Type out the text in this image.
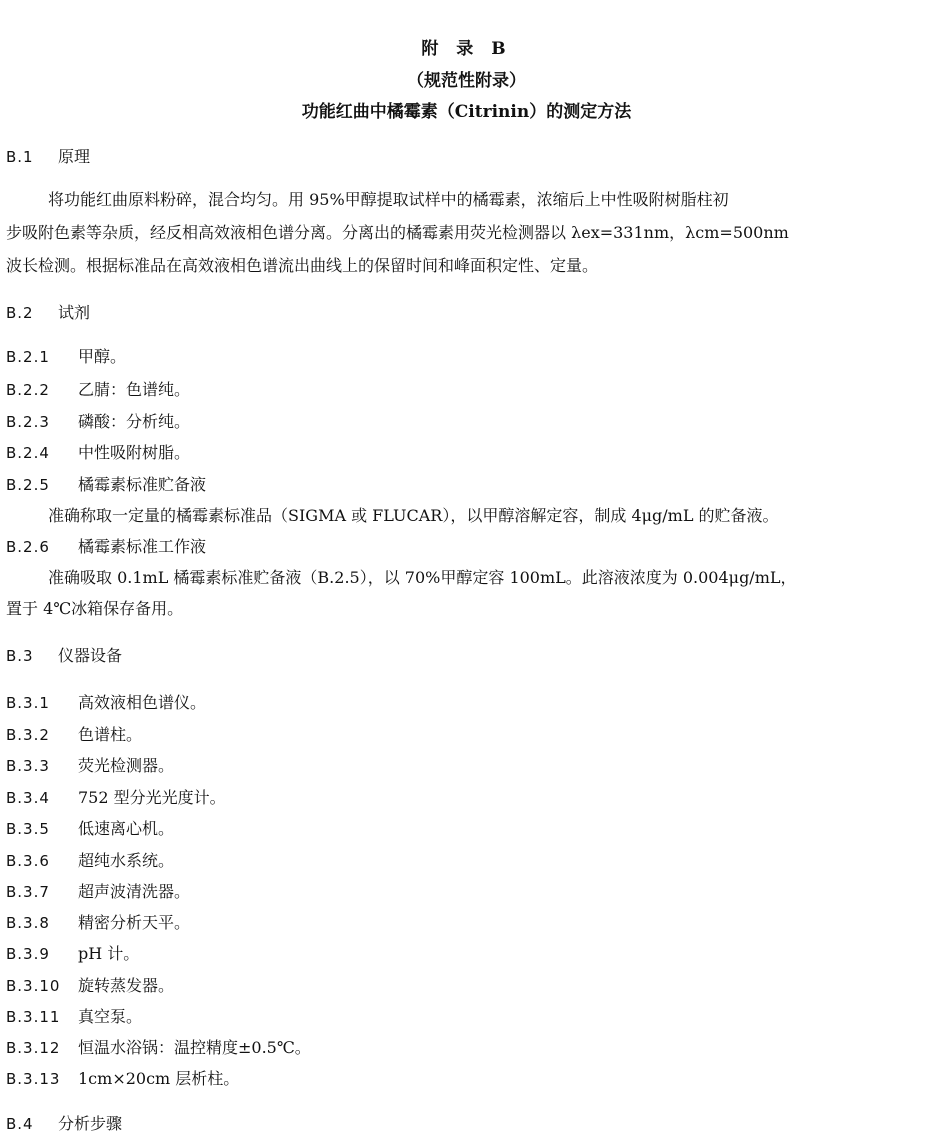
附 录 B
（规范性附录）
功能红曲中橘霉素（Citrinin）的测定方法
B.1 原理
将功能红曲原料粉碎，混合均匀。用 95%甲醇提取试样中的橘霉素，浓缩后上中性吸附树脂柱初
步吸附色素等杂质，经反相高效液相色谱分离。分离出的橘霉素用荧光检测器以 λex=331nm，λcm=500nm
波长检测。根据标准品在高效液相色谱流出曲线上的保留时间和峰面积定性、定量。
B.2 试剂
B.2.1 甲醇。
B.2.2 乙腈：色谱纯。
B.2.3 磷酸：分析纯。
B.2.4 中性吸附树脂。
B.2.5 橘霉素标准贮备液
准确称取一定量的橘霉素标准品（SIGMA 或 FLUCAR），以甲醇溶解定容，制成 4μg/mL 的贮备液。
B.2.6 橘霉素标准工作液
准确吸取 0.1mL 橘霉素标准贮备液（B.2.5），以 70%甲醇定容 100mL。此溶液浓度为 0.004μg/mL，
置于 4℃冰箱保存备用。
B.3 仪器设备
B.3.1 高效液相色谱仪。
B.3.2 色谱柱。
B.3.3 荧光检测器。
B.3.4 752 型分光光度计。
B.3.5 低速离心机。
B.3.6 超纯水系统。
B.3.7 超声波清洗器。
B.3.8 精密分析天平。
B.3.9 pH 计。
B.3.10 旋转蒸发器。
B.3.11 真空泵。
B.3.12 恒温水浴锅：温控精度±0.5℃。
B.3.13 1cm×20cm 层析柱。
B.4 分析步骤
